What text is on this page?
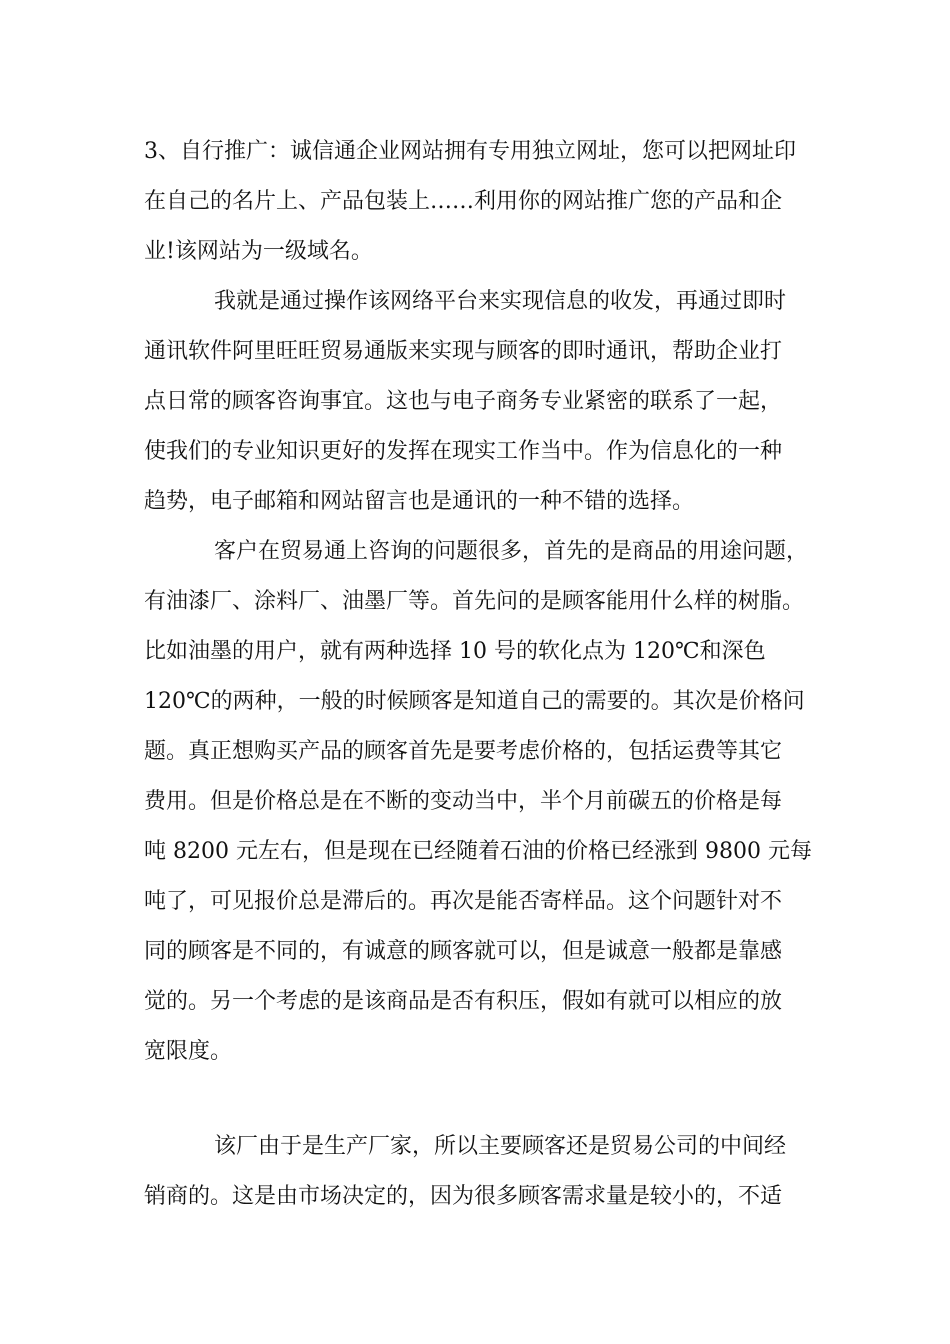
3、自行推广：诚信通企业网站拥有专用独立网址，您可以把网址印
在自己的名片上、产品包装上……利用你的网站推广您的产品和企
业!该网站为一级域名。
我就是通过操作该网络平台来实现信息的收发，再通过即时
通讯软件阿里旺旺贸易通版来实现与顾客的即时通讯，帮助企业打
点日常的顾客咨询事宜。这也与电子商务专业紧密的联系了一起，
使我们的专业知识更好的发挥在现实工作当中。作为信息化的一种
趋势，电子邮箱和网站留言也是通讯的一种不错的选择。
客户在贸易通上咨询的问题很多，首先的是商品的用途问题，
有油漆厂、涂料厂、油墨厂等。首先问的是顾客能用什么样的树脂。
比如油墨的用户，就有两种选择 10 号的软化点为 120℃和深色
120℃的两种，一般的时候顾客是知道自己的需要的。其次是价格问
题。真正想购买产品的顾客首先是要考虑价格的，包括运费等其它
费用。但是价格总是在不断的变动当中，半个月前碳五的价格是每
吨 8200 元左右，但是现在已经随着石油的价格已经涨到 9800 元每
吨了，可见报价总是滞后的。再次是能否寄样品。这个问题针对不
同的顾客是不同的，有诚意的顾客就可以，但是诚意一般都是靠感
觉的。另一个考虑的是该商品是否有积压，假如有就可以相应的放
宽限度。
该厂由于是生产厂家，所以主要顾客还是贸易公司的中间经
销商的。这是由市场决定的，因为很多顾客需求量是较小的，不适
